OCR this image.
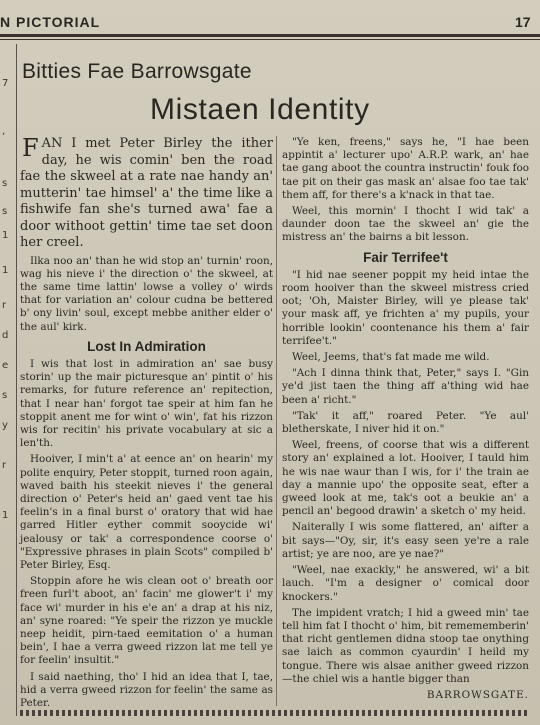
N PICTORIAL	17
7
,
s
s
1
1
r
d
e
s
y
r
1
Bitties Fae Barrowsgate
Mistaen Identity

FAN I met Peter Birley the ither day, he wis comin' ben the road fae the skweel at a rate nae handy an' mutterin' tae himsel' a' the time like a fishwife fan she's turned awa' fae a door withoot gettin' time tae set doon her creel.

Ilka noo an' than he wid stop an' turnin' roon, wag his nieve i' the direction o' the skweel, at the same time lattin' lowse a volley o' wirds that for variation an' colour cudna be bettered b' ony livin' soul, except mebbe anither elder o' the aul' kirk.

Lost In Admiration

I wis that lost in admiration an' sae busy storin' up the mair picturesque an' pintit o' his remarks, for future reference an' repitection, that I near han' forgot tae speir at him fan he stoppit anent me for wint o' win', fat his rizzon wis for recitin' his private vocabulary at sic a len'th.

Hooiver, I min't a' at eence an' on hearin' my polite enquiry, Peter stoppit, turned roon again, waved baith his steekit nieves i' the general direction o' Peter's heid an' gaed vent tae his feelin's in a final burst o' oratory that wid hae garred Hitler eyther commit sooycide wi' jealousy or tak' a correspondence coorse o' "Expressive phrases in plain Scots" compiled b' Peter Birley, Esq.

Stoppin afore he wis clean oot o' breath oor freen furl't aboot, an' facin' me glower't i' my face wi' murder in his e'e an' a drap at his niz, an' syne roared: "Ye speir the rizzon ye muckle neep heidit, pirn-taed eemitation o' a human bein', I hae a verra gweed rizzon lat me tell ye for feelin' insultit."

I said naething, tho' I hid an idea that I, tae, hid a verra gweed rizzon for feelin' the same as Peter.

"Ye ken, freens," says he, "I hae been appintit a' lecturer upo' A.R.P. wark, an' hae tae gang aboot the countra instructin' fouk foo tae pit on their gas mask an' alsae foo tae tak' them aff, for there's a k'nack in that tae.

Weel, this mornin' I thocht I wid tak' a daunder doon tae the skweel an' gie the mistress an' the bairns a bit lesson.

Fair Terrifee't

"I hid nae seener poppit my heid intae the room hooiver than the skweel mistress cried oot; 'Oh, Maister Birley, will ye please tak' your mask aff, ye frichten a' my pupils, your horrible lookin' coontenance his them a' fair terrifee't."

Weel, Jeems, that's fat made me wild.

"Ach I dinna think that, Peter," says I. "Gin ye'd jist taen the thing aff a'thing wid hae been a' richt."

"Tak' it aff," roared Peter. "Ye aul' bletherskate, I niver hid it on."

Weel, freens, of coorse that wis a different story an' explained a lot. Hooiver, I tauld him he wis nae waur than I wis, for i' the train ae day a mannie upo' the opposite seat, efter a gweed look at me, tak's oot a beukie an' a pencil an' begood drawin' a sketch o' my heid.

Naiterally I wis some flattered, an' aifter a bit says—"Oy, sir, it's easy seen ye're a rale artist; ye are noo, are ye nae?"

"Weel, nae exackly," he answered, wi' a bit lauch. "I'm a designer o' comical door knockers."

The impident vratch; I hid a gweed min' tae tell him fat I thocht o' him, bit remememberin' that richt gentlemen didna stoop tae onything sae laich as common cyaurdin' I heild my tongue. There wis alsae anither gweed rizzon—the chiel wis a hantle bigger than

BARROWSGATE.
